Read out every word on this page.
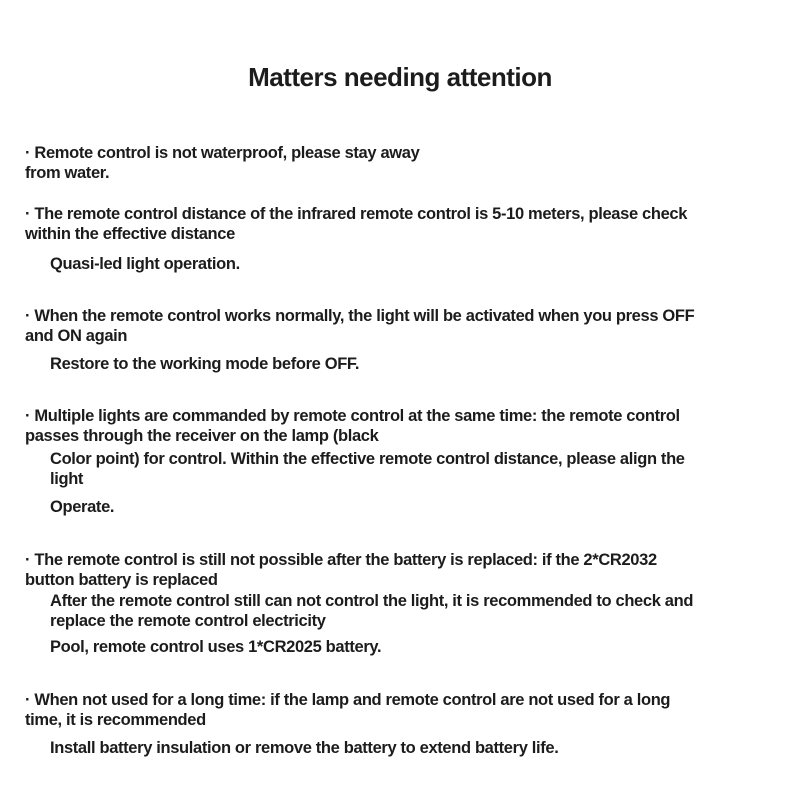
Matters needing attention
· Remote control is not waterproof, please stay away
from water.
· The remote control distance of the infrared remote control is 5-10 meters, please check
within the effective distance
Quasi-led light operation.
· When the remote control works normally, the light will be activated when you press OFF
and ON again
Restore to the working mode before OFF.
· Multiple lights are commanded by remote control at the same time: the remote control
passes through the receiver on the lamp (black
Color point) for control. Within the effective remote control distance, please align the
light
Operate.
· The remote control is still not possible after the battery is replaced: if the 2*CR2032
button battery is replaced
After the remote control still can not control the light, it is recommended to check and
replace the remote control electricity
Pool, remote control uses 1*CR2025 battery.
· When not used for a long time: if the lamp and remote control are not used for a long
time, it is recommended
Install battery insulation or remove the battery to extend battery life.
